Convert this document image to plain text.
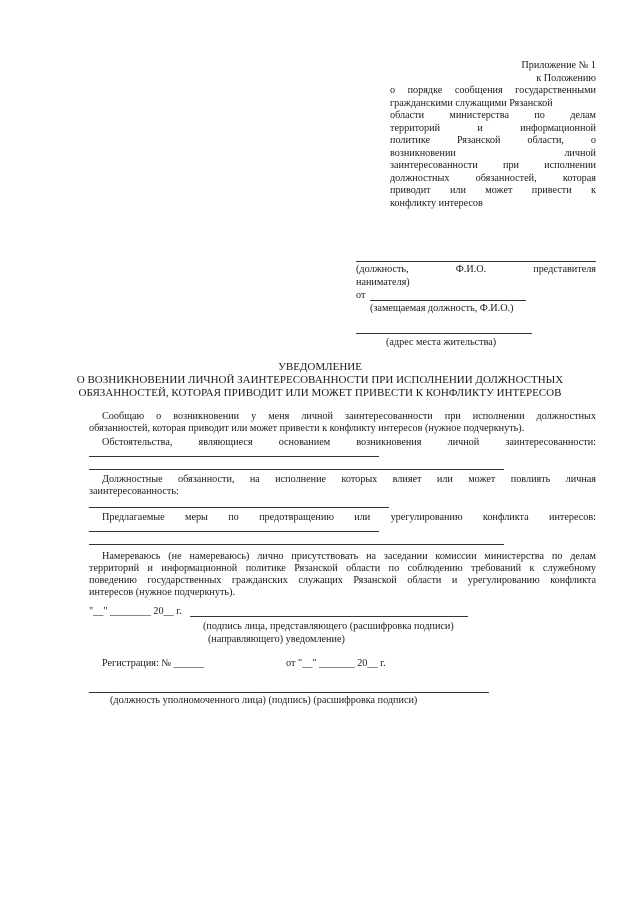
Приложение № 1
к Положению
о порядке сообщения государственными
гражданскими служащими Рязанской
области министерства по делам
территорий и информационной
политике Рязанской области, о
возникновении личной
заинтересованности при исполнении
должностных обязанностей, которая
приводит или может привести к
конфликту интересов
(должность, Ф.И.О. представителя
нанимателя)
от
(замещаемая должность, Ф.И.О.)
(адрес места жительства)
УВЕДОМЛЕНИЕ
О ВОЗНИКНОВЕНИИ ЛИЧНОЙ ЗАИНТЕРЕСОВАННОСТИ ПРИ ИСПОЛНЕНИИ ДОЛЖНОСТНЫХ
ОБЯЗАННОСТЕЙ, КОТОРАЯ ПРИВОДИТ ИЛИ МОЖЕТ ПРИВЕСТИ К КОНФЛИКТУ ИНТЕРЕСОВ
Сообщаю о возникновении у меня личной заинтересованности при исполнении должностных
обязанностей, которая приводит или может привести к конфликту интересов (нужное подчеркнуть).
Обстоятельства, являющиеся основанием возникновения личной заинтересованности:
Должностные обязанности, на исполнение которых влияет или может повлиять личная
заинтересованность:
Предлагаемые меры по предотвращению или урегулированию конфликта интересов:
Намереваюсь (не намереваюсь) лично присутствовать на заседании комиссии министерства по делам
территорий и информационной политике Рязанской области по соблюдению требований к служебному
поведению государственных гражданских служащих Рязанской области и урегулированию конфликта
интересов (нужное подчеркнуть).
"__" ________ 20__ г.
(подпись лица, представляющего (расшифровка подписи)
(направляющего) уведомление)
Регистрация: № ______	от "__" _______ 20__ г.
(должность уполномоченного лица) (подпись) (расшифровка подписи)
